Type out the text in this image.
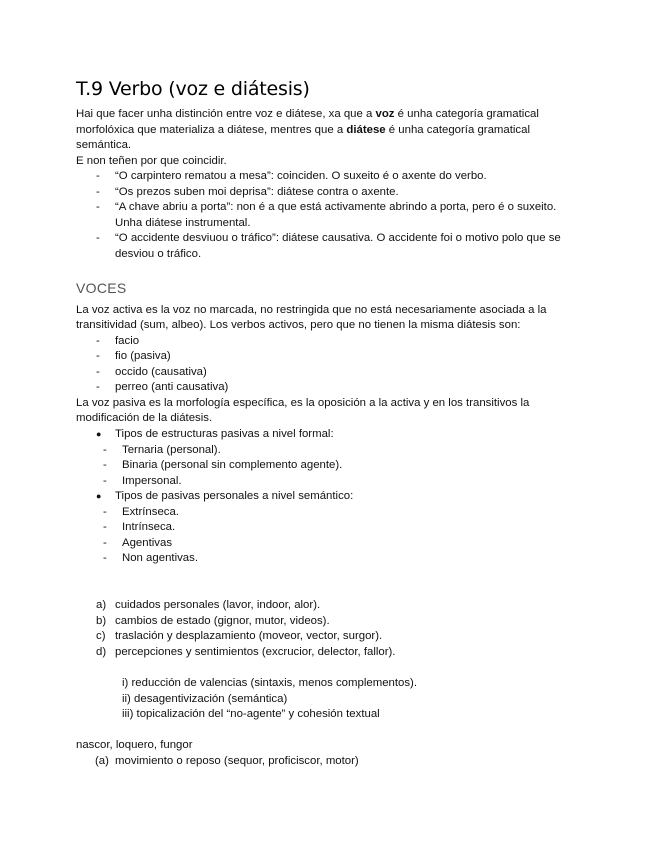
T.9 Verbo (voz e diátesis)
Hai que facer unha distinción entre voz e diátese, xa que a voz é unha categoría gramatical
morfolóxica que materializa a diátese, mentres que a diátese é unha categoría gramatical
semántica.
E non teñen por que coincidir.
- “O carpintero rematou a mesa”: coinciden. O suxeito é o axente do verbo.
- “Os prezos suben moi deprisa”: diátese contra o axente.
- “A chave abriu a porta”: non é a que está activamente abrindo a porta, pero é o suxeito.
Unha diátese instrumental.
- “O accidente desviuou o tráfico”: diátese causativa. O accidente foi o motivo polo que se
desviou o tráfico.
VOCES
La voz activa es la voz no marcada, no restringida que no está necesariamente asociada a la
transitividad (sum, albeo). Los verbos activos, pero que no tienen la misma diátesis son:
- facio
- fio (pasiva)
- occido (causativa)
- perreo (anti causativa)
La voz pasiva es la morfología específica, es la oposición a la activa y en los transitivos la
modificación de la diátesis.
● Tipos de estructuras pasivas a nivel formal:
- Ternaria (personal).
- Binaria (personal sin complemento agente).
- Impersonal.
● Tipos de pasivas personales a nivel semántico:
- Extrínseca.
- Intrínseca.
- Agentivas
- Non agentivas.
a) cuidados personales (lavor, indoor, alor).
b) cambios de estado (gignor, mutor, videos).
c) traslación y desplazamiento (moveor, vector, surgor).
d) percepciones y sentimientos (excrucior, delector, fallor).
i) reducción de valencias (sintaxis, menos complementos).
ii) desagentivización (semántica)
iii) topicalización del “no-agente” y cohesión textual
nascor, loquero, fungor
(a) movimiento o reposo (sequor, proficiscor, motor)
